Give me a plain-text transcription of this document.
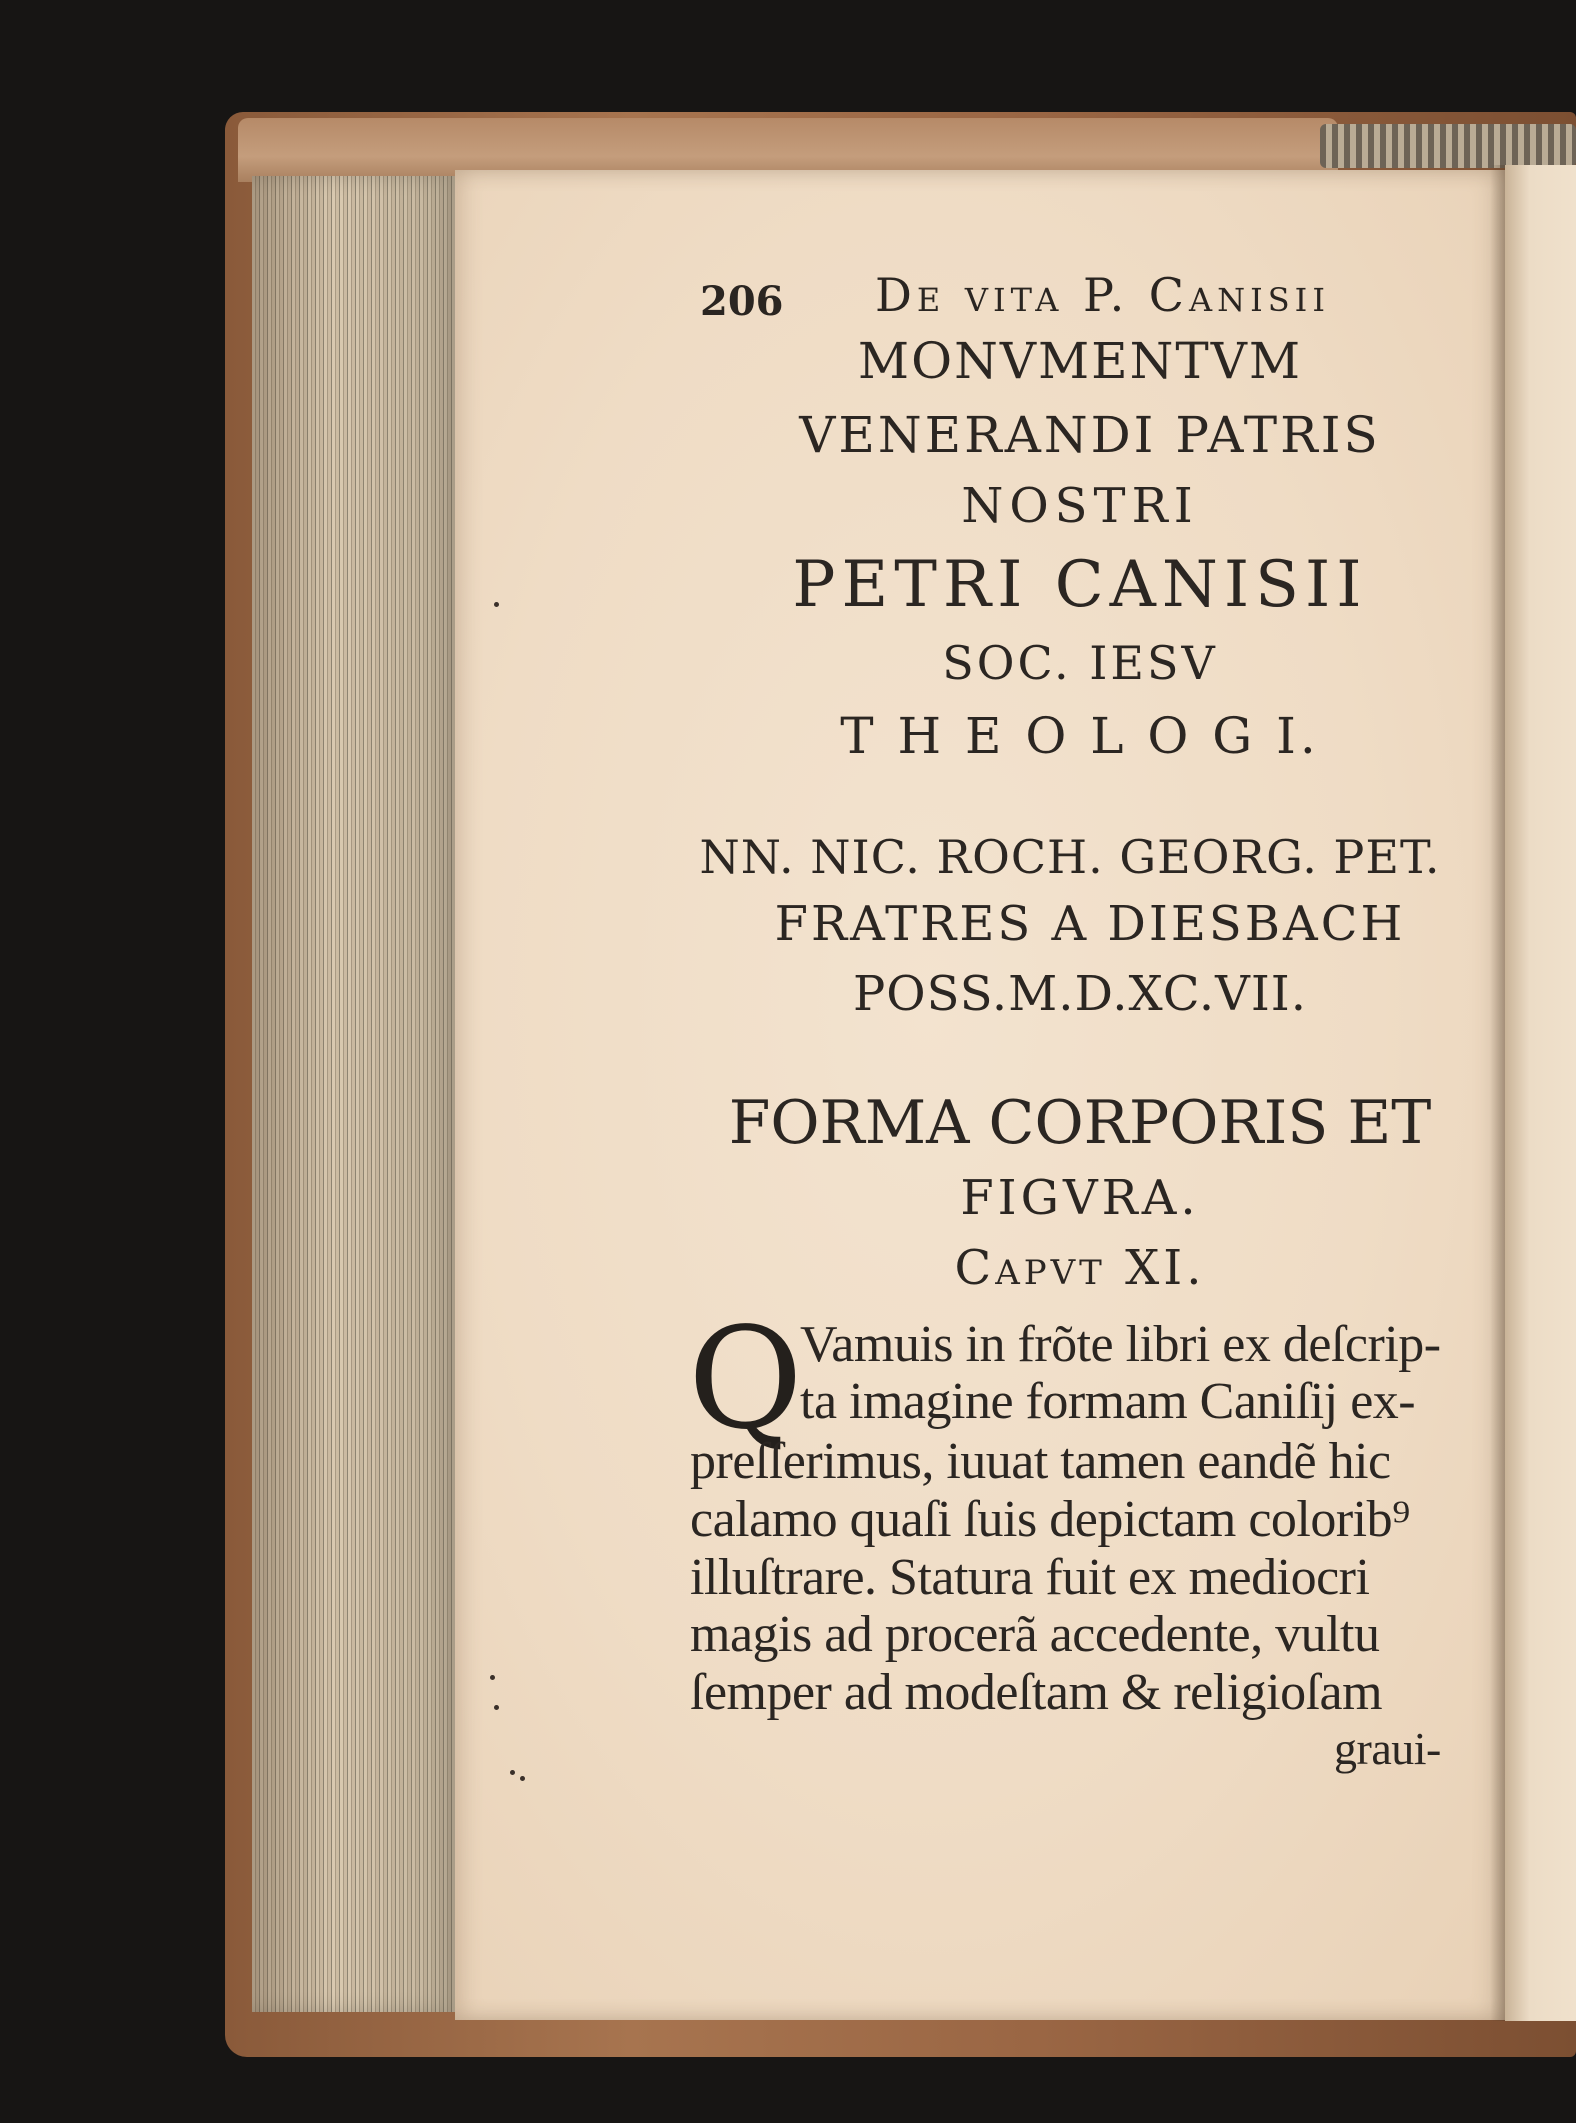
206 De vita P. Canisii
MONVMENTVM
VENERANDI PATRIS
NOSTRI
PETRI CANISII
SOC. IESV
T H E O L O G I.
NN. NIC. ROCH. GEORG. PET.
FRATRES A DIESBACH
POSS.M.D.XC.VII.
FORMA CORPORIS ET
FIGVRA.
Capvt XI.
Q
Vamuis in frõte libri ex deſcrip-
ta imagine formam Caniſij ex-
preſſerimus, iuuat tamen eandẽ hic
calamo quaſi ſuis depictam colorib⁹
illuſtrare. Statura fuit ex mediocri
magis ad procerã accedente, vultu
ſemper ad modeſtam & religioſam
graui-
